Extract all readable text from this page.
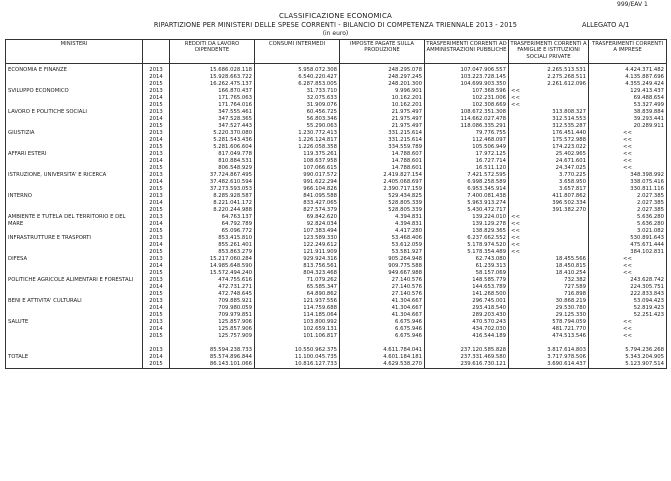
999/EAV 1
CLASSIFICAZIONE ECONOMICA
RIPARTIZIONE PER MINISTERI DELLE SPESE CORRENTI - BILANCIO DI COMPETENZA TRIENNALE 2013 - 2015	ALLEGATO A/1
(in euro)
MINISTERI		REDDITI DA LAVORO DIPENDENTE	CONSUMI INTERMEDI	IMPOSTE PAGATE SULLA PRODUZIONE	TRASFERIMENTI CORRENTI AD AMMINISTRAZIONI PUBBLICHE	TRASFERIMENTI CORRENTI A FAMIGLIE E ISTITUZIONI SOCIALI PRIVATE	TRASFERIMENTI CORRENTI A IMPRESE
ECONOMIA E FINANZE	2013	15.686.028.118	5.958.072.308	248.295.078	107.047.906.557	2.265.513.531	4.424.371.482
	2014	15.928.663.722	6.540.220.427	248.297.245	103.223.728.145	2.275.268.511	4.135.887.696
	2015	16.262.475.137	6.287.853.005	248.201.300	104.699.903.350	2.261.612.096	4.355.249.424
SVILUPPO ECONOMICO	2013	166.870.437	31.733.710	9.996.901	107.368.596	<<	129.413.437
	2014	171.765.063	32.075.633	10.162.201	102.231.006	<<	69.488.654
	2015	171.764.016	31.909.076	10.162.201	102.308.669	<<	53.327.499
LAVORO E POLITICHE SOCIALI	2013	347.555.461	60.456.725	21.975.497	108.672.351.308	313.808.327	38.839.884
	2014	347.528.365	56.803.346	21.975.497	114.662.027.478	312.514.553	39.293.441
	2015	347.527.443	55.290.063	21.975.497	118.086.335.291	312.535.287	20.289.911
GIUSTIZIA	2013	5.220.370.080	1.230.772.413	331.215.614	79.776.755	176.451.440	<<
	2014	5.281.543.436	1.226.124.817	331.215.614	112.468.097	175.572.988	<<
	2015	5.281.606.604	1.226.058.358	334.559.789	105.506.949	174.223.022	<<
AFFARI ESTERI	2013	817.049.778	119.375.261	14.788.607	17.972.125	25.402.965	<<
	2014	810.884.531	108.637.958	14.788.601	16.727.714	24.671.601	<<
	2015	806.548.929	107.066.615	14.788.601	16.511.120	24.347.025	<<
ISTRUZIONE, UNIVERSITA' E RICERCA	2013	37.724.867.495	990.017.572	2.419.827.154	7.421.572.595	3.770.225	348.398.992
	2014	37.482.610.594	991.622.294	2.405.068.697	6.998.258.589	3.658.950	338.075.416
	2015	37.273.593.053	966.104.826	2.390.717.159	6.953.345.914	3.657.817	330.811.116
INTERNO	2013	8.285.928.587	841.095.588	529.434.825	7.400.081.438	411.807.862	2.027.385
	2014	8.221.041.172	833.427.065	528.805.339	5.963.913.274	396.502.334	2.027.385
	2015	8.220.244.988	827.574.379	528.805.339	5.430.472.717	391.382.270	2.027.385
AMBIENTE E TUTELA DEL TERRITORIO E DEL	2013	64.763.137	69.842.620	4.394.831	139.224.010	<<	5.636.280
MARE	2014	64.792.789	92.824.034	4.394.831	139.129.278	<<	5.636.280
	2015	65.096.772	107.383.494	4.417.280	138.829.365	<<	3.021.082
INFRASTRUTTURE E TRASPORTI	2013	853.415.810	123.589.330	53.468.406	6.237.662.552	<<	530.891.643
	2014	855.261.401	122.249.612	53.612.059	5.178.974.520	<<	475.671.444
	2015	853.863.279	121.911.909	53.581.927	5.178.354.489	<<	384.102.831
DIFESA	2013	15.217.060.284	929.924.316	905.264.948	62.743.080	18.455.566	<<
	2014	14.985.648.590	813.756.561	909.775.588	61.239.313	18.450.815	<<
	2015	15.572.494.240	804.323.468	949.667.988	58.157.069	18.410.254	<<
POLITICHE AGRICOLE ALIMENTARI E FORESTALI	2013	474.755.616	71.079.262	27.140.576	148.585.779	732.382	243.628.742
	2014	472.731.271	65.585.347	27.140.576	144.653.789	727.589	224.305.751
	2015	472.748.645	64.890.862	27.140.576	141.268.500	716.898	222.833.843
BENI E ATTIVITA' CULTURALI	2013	709.885.921	121.937.556	41.304.667	296.745.001	30.868.219	53.094.423
	2014	709.980.059	114.759.688	41.304.667	293.418.540	29.530.780	52.819.423
	2015	709.979.851	114.185.064	41.304.667	289.203.430	29.125.330	52.251.423
SALUTE	2013	125.857.906	103.800.992	6.675.946	470.570.243	578.794.059	<<
	2014	125.857.906	102.659.131	6.675.946	434.702.030	481.721.770	<<
	2015	125.757.909	101.106.817	6.675.946	416.544.189	474.513.546	<<

	2013	85.594.238.733	10.550.962.375	4.611.784.041	237.120.585.828	3.817.614.803	5.794.236.268
TOTALE	2014	85.574.896.844	11.100.045.735	4.601.184.181	237.331.469.580	3.717.978.506	5.343.204.905
	2015	86.143.101.066	10.816.127.733	4.629.538.270	239.616.730.121	3.690.614.437	5.123.907.514
